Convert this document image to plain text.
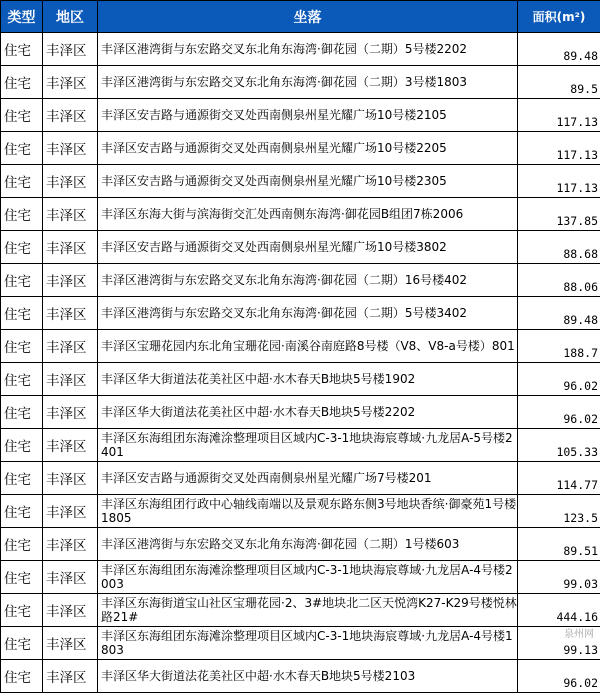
类型	地区	坐落	面积(m²)
住宅	丰泽区	丰泽区港湾街与东宏路交叉东北角东海湾·御花园（二期）5号楼2202	89.48
住宅	丰泽区	丰泽区港湾街与东宏路交叉东北角东海湾·御花园（二期）3号楼1803	89.5
住宅	丰泽区	丰泽区安吉路与通源街交叉处西南侧泉州星光耀广场10号楼2105	117.13
住宅	丰泽区	丰泽区安吉路与通源街交叉处西南侧泉州星光耀广场10号楼2205	117.13
住宅	丰泽区	丰泽区安吉路与通源街交叉处西南侧泉州星光耀广场10号楼2305	117.13
住宅	丰泽区	丰泽区东海大街与滨海街交汇处西南侧东海湾·御花园B组团7栋2006	137.85
住宅	丰泽区	丰泽区安吉路与通源街交叉处西南侧泉州星光耀广场10号楼3802	88.68
住宅	丰泽区	丰泽区港湾街与东宏路交叉东北角东海湾·御花园（二期）16号楼402	88.06
住宅	丰泽区	丰泽区港湾街与东宏路交叉东北角东海湾·御花园（二期）5号楼3402	89.48
住宅	丰泽区	丰泽区宝珊花园内东北角宝珊花园·南溪谷南庭路8号楼（V8、V8-a号楼）801	188.7
住宅	丰泽区	丰泽区华大街道法花美社区中超·水木春天B地块5号楼1902	96.02
住宅	丰泽区	丰泽区华大街道法花美社区中超·水木春天B地块5号楼2202	96.02
住宅	丰泽区	丰泽区东海组团东海滩涂整理项目区域内C-3-1地块海宸尊域·九龙居A-5号楼2401	105.33
住宅	丰泽区	丰泽区安吉路与通源街交叉处西南侧泉州星光耀广场7号楼201	114.77
住宅	丰泽区	丰泽区东海组团行政中心轴线南端以及景观东路东侧3号地块香缤·御豪苑1号楼1805	123.5
住宅	丰泽区	丰泽区港湾街与东宏路交叉东北角东海湾·御花园（二期）1号楼603	89.51
住宅	丰泽区	丰泽区东海组团东海滩涂整理项目区域内C-3-1地块海宸尊域·九龙居A-4号楼2003	99.03
住宅	丰泽区	丰泽区东海街道宝山社区宝珊花园·2、3#地块北二区天悦湾K27-K29号楼悦林路21#	444.16
住宅	丰泽区	丰泽区东海组团东海滩涂整理项目区域内C-3-1地块海宸尊域·九龙居A-4号楼1803	99.13
住宅	丰泽区	丰泽区华大街道法花美社区中超·水木春天B地块5号楼2103	96.02
泉州网
